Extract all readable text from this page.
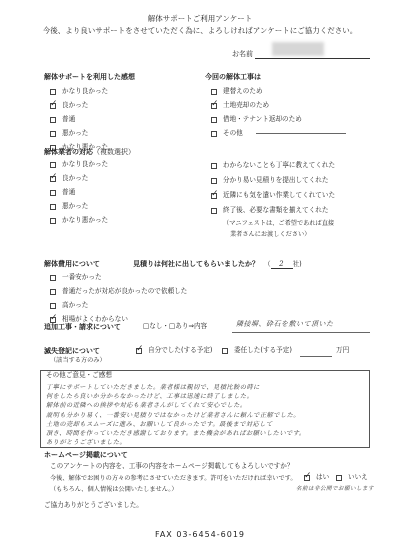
解体サポートご利用アンケート
今後、より良いサポートをさせていただく為に、よろしければアンケートにご協力ください。
お名前
解体サポートを利用した感想
かなり良かった
✓ 良かった
普通
悪かった
かなり悪かった
今回の解体工事は
建替えのため
✓ 土地売却のため
借地・テナント返却のため
その他
解体業者の対応（複数選択）
かなり良かった
✓ 良かった
普通
悪かった
かなり悪かった
わからないことも丁寧に教えてくれた
分かり易い見積りを提出してくれた
✓ 近隣にも気を遣い作業してくれていた
終了後、必要な書類を揃えてくれた
（マニフェストは、ご希望であれば直接
業者さんにお渡しください）
解体費用について
一番安かった
普通だったが対応が良かったので依頼した
高かった
✓ 相場がよくわからない
見積りは何社に出してもらいましたか？ （ 2 社)
追加工事・請求について	□なし・□あり⇒内容	隣接塀、砕石を敷いて頂いた
滅失登記について
（該当する方のみ）
✓ 自分でした(する予定)	委任した(する予定)	万円
その他ご意見・ご感想
丁寧にサポートしていただきました。業者様は親切で、見積比較の時に
何をしたら良いか分からなかったけど、工事は迅速に終了しました。
解体前の近隣への挨拶や対応も業者さんがしてくれて安心でした。
説明も分かり易く、一番安い見積りではなかったけど業者さんに頼んで正解でした。
土地の売却もスムーズに進み、お願いして良かったです。最後まで対応して
頂き、時間を作っていただき感謝しております。また機会があればお願いしたいです。
ありがとうございました。
ホームページ掲載について
このアンケートの内容を、工事の内容をホームページ掲載してもよろしいですか？
今後、解体でお困りの方々の参考にさせていただきます。許可をいただければ幸いです。
（もちろん、個人情報は公開いたしません。）
✓ はい	いいえ
名前は非公開でお願いします
ご協力ありがとうございました。
FAX 03-6454-6019
